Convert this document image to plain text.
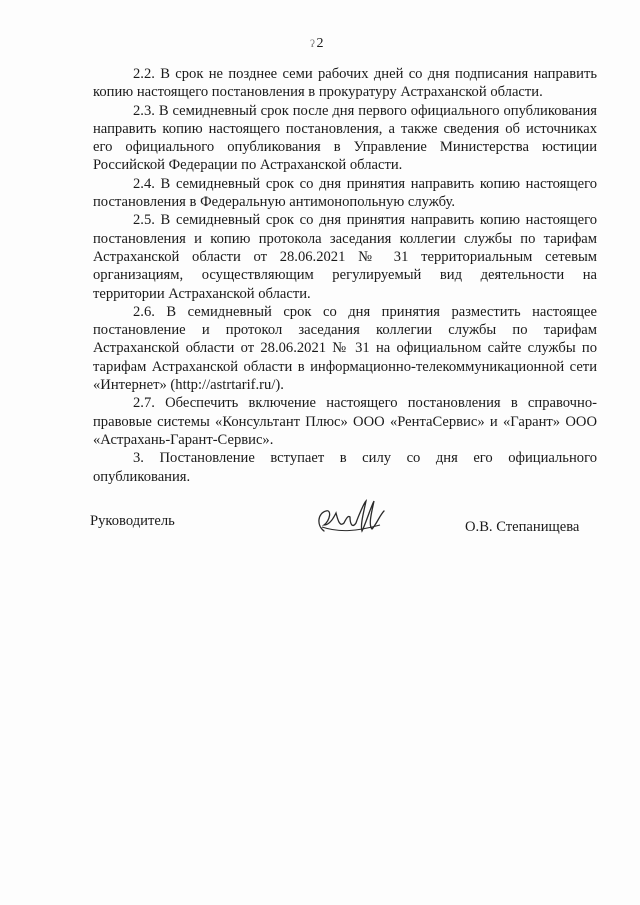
ʔ 2

2.2. В срок не позднее семи рабочих дней со дня подписания направить копию настоящего постановления в прокуратуру Астраханской области.

2.3. В семидневный срок после дня первого официального опубликования направить копию настоящего постановления, а также сведения об источниках его официального опубликования в Управление Министерства юстиции Российской Федерации по Астраханской области.

2.4. В семидневный срок со дня принятия направить копию настоящего постановления в Федеральную антимонопольную службу.

2.5. В семидневный срок со дня принятия направить копию настоящего постановления и копию протокола заседания коллегии службы по тарифам Астраханской области от 28.06.2021 № 31 территориальным сетевым организациям, осуществляющим регулируемый вид деятельности на территории Астраханской области.

2.6. В семидневный срок со дня принятия разместить настоящее постановление и протокол заседания коллегии службы по тарифам Астраханской области от 28.06.2021 № 31 на официальном сайте службы по тарифам Астраханской области в информационно-телекоммуникационной сети «Интернет» (http://astrtarif.ru/).

2.7. Обеспечить включение настоящего постановления в справочно-правовые системы «Консультант Плюс» ООО «РентаСервис» и «Гарант» ООО «Астрахань-Гарант-Сервис».

3. Постановление вступает в силу со дня его официального опубликования.

Руководитель	О.В. Степанищева
